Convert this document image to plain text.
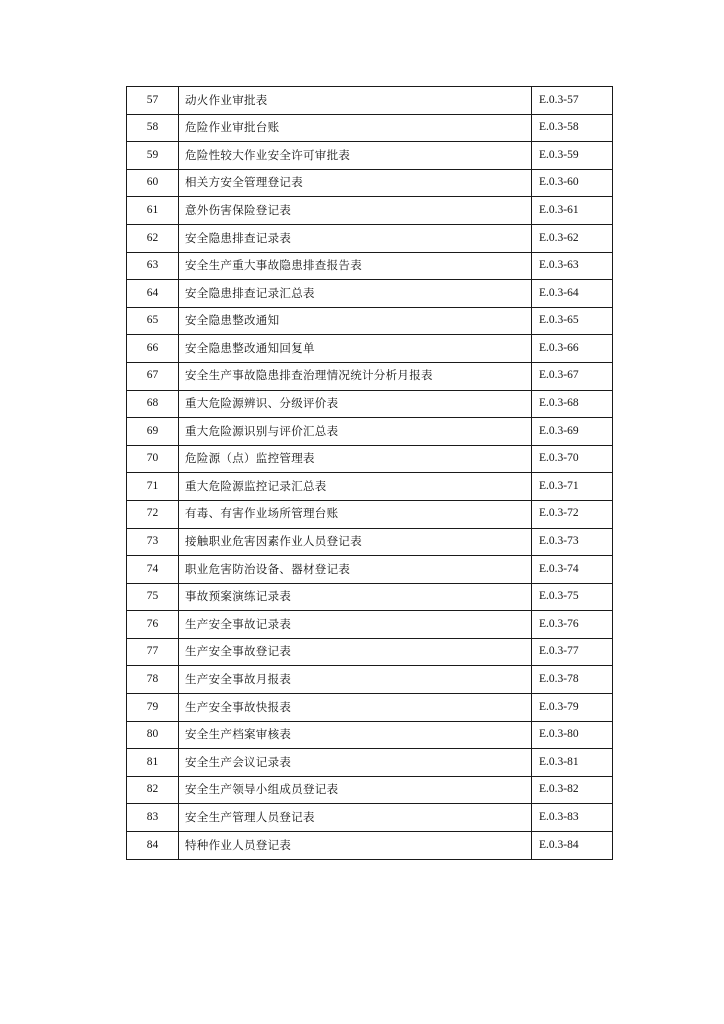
57	动火作业审批表	E.0.3-57
58	危险作业审批台账	E.0.3-58
59	危险性较大作业安全许可审批表	E.0.3-59
60	相关方安全管理登记表	E.0.3-60
61	意外伤害保险登记表	E.0.3-61
62	安全隐患排查记录表	E.0.3-62
63	安全生产重大事故隐患排查报告表	E.0.3-63
64	安全隐患排查记录汇总表	E.0.3-64
65	安全隐患整改通知	E.0.3-65
66	安全隐患整改通知回复单	E.0.3-66
67	安全生产事故隐患排查治理情况统计分析月报表	E.0.3-67
68	重大危险源辨识、分级评价表	E.0.3-68
69	重大危险源识别与评价汇总表	E.0.3-69
70	危险源（点）监控管理表	E.0.3-70
71	重大危险源监控记录汇总表	E.0.3-71
72	有毒、有害作业场所管理台账	E.0.3-72
73	接触职业危害因素作业人员登记表	E.0.3-73
74	职业危害防治设备、器材登记表	E.0.3-74
75	事故预案演练记录表	E.0.3-75
76	生产安全事故记录表	E.0.3-76
77	生产安全事故登记表	E.0.3-77
78	生产安全事故月报表	E.0.3-78
79	生产安全事故快报表	E.0.3-79
80	安全生产档案审核表	E.0.3-80
81	安全生产会议记录表	E.0.3-81
82	安全生产领导小组成员登记表	E.0.3-82
83	安全生产管理人员登记表	E.0.3-83
84	特种作业人员登记表	E.0.3-84
